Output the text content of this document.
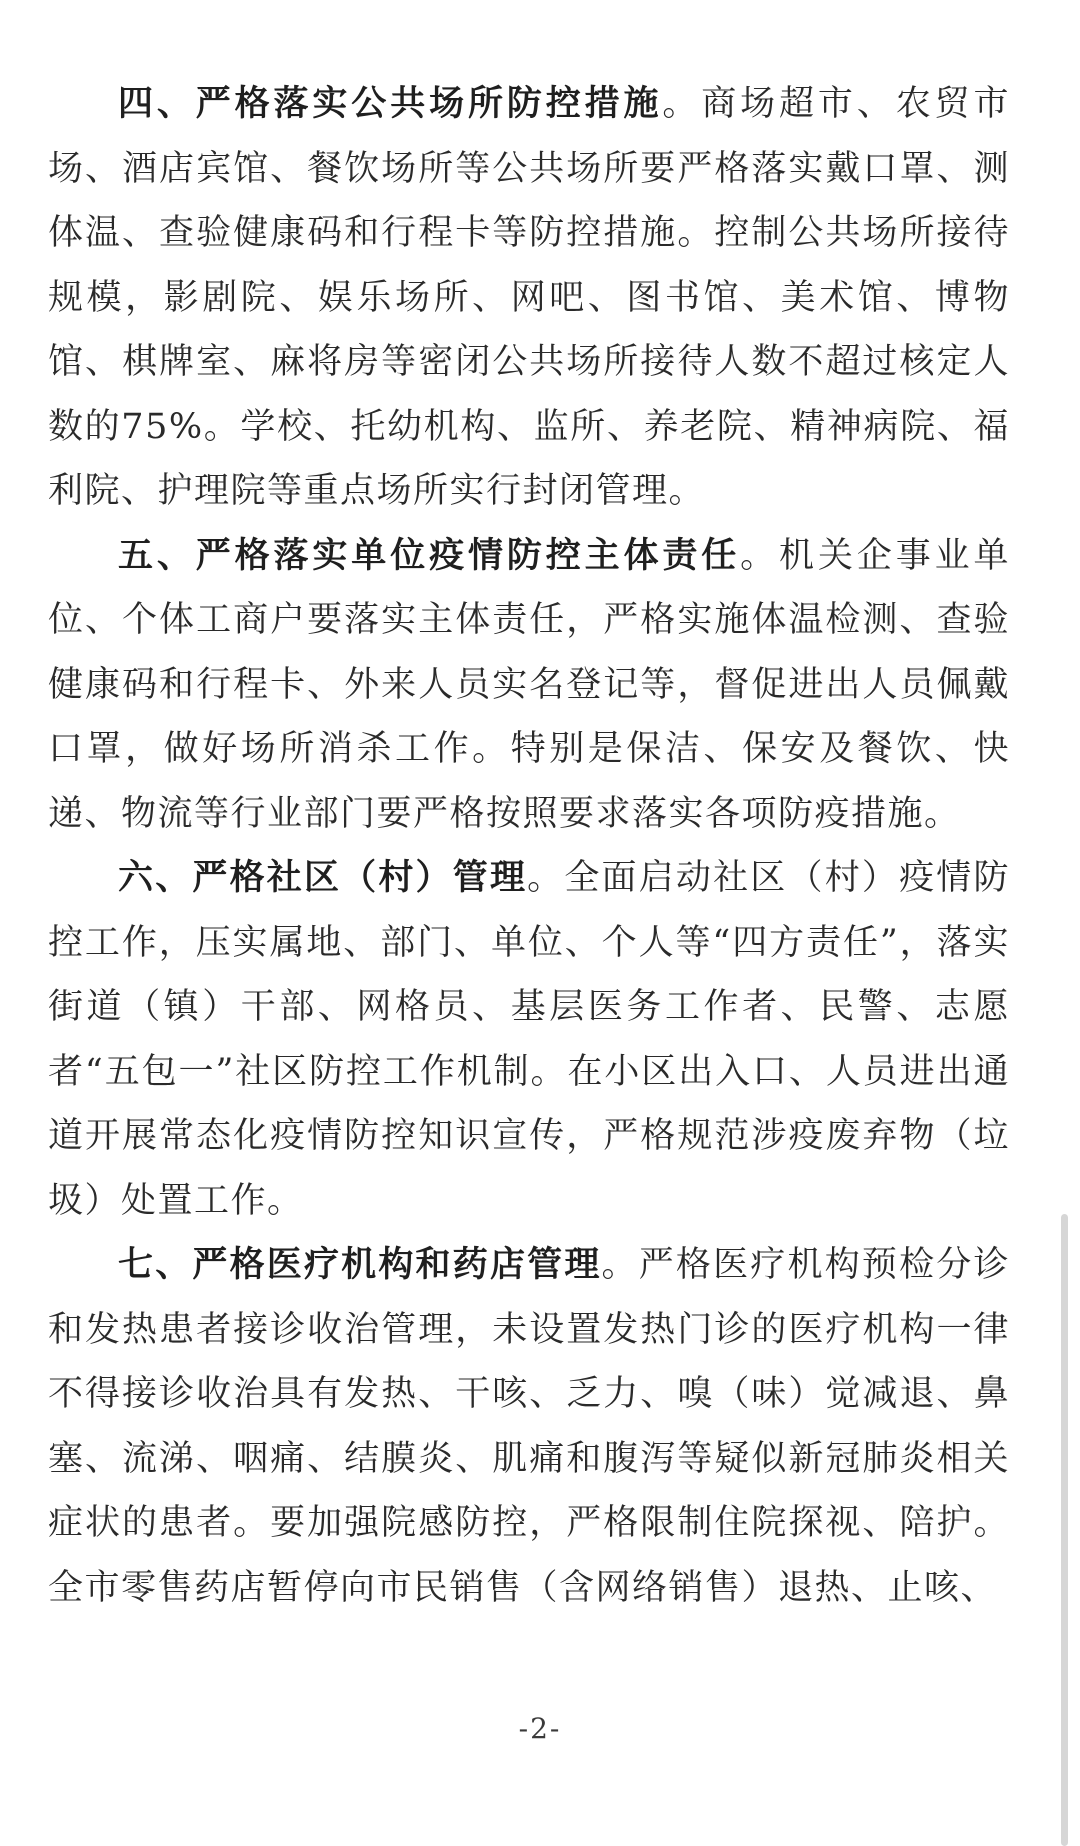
四、严格落实公共场所防控措施。商场超市、农贸市场、酒店宾馆、餐饮场所等公共场所要严格落实戴口罩、测体温、查验健康码和行程卡等防控措施。控制公共场所接待规模，影剧院、娱乐场所、网吧、图书馆、美术馆、博物馆、棋牌室、麻将房等密闭公共场所接待人数不超过核定人数的75%。学校、托幼机构、监所、养老院、精神病院、福利院、护理院等重点场所实行封闭管理。

五、严格落实单位疫情防控主体责任。机关企事业单位、个体工商户要落实主体责任，严格实施体温检测、查验健康码和行程卡、外来人员实名登记等，督促进出人员佩戴口罩，做好场所消杀工作。特别是保洁、保安及餐饮、快递、物流等行业部门要严格按照要求落实各项防疫措施。

六、严格社区（村）管理。全面启动社区（村）疫情防控工作，压实属地、部门、单位、个人等“四方责任”，落实街道（镇）干部、网格员、基层医务工作者、民警、志愿者“五包一”社区防控工作机制。在小区出入口、人员进出通道开展常态化疫情防控知识宣传，严格规范涉疫废弃物（垃圾）处置工作。

七、严格医疗机构和药店管理。严格医疗机构预检分诊和发热患者接诊收治管理，未设置发热门诊的医疗机构一律不得接诊收治具有发热、干咳、乏力、嗅（味）觉减退、鼻塞、流涕、咽痛、结膜炎、肌痛和腹泻等疑似新冠肺炎相关症状的患者。要加强院感防控，严格限制住院探视、陪护。全市零售药店暂停向市民销售（含网络销售）退热、止咳、

-2-
